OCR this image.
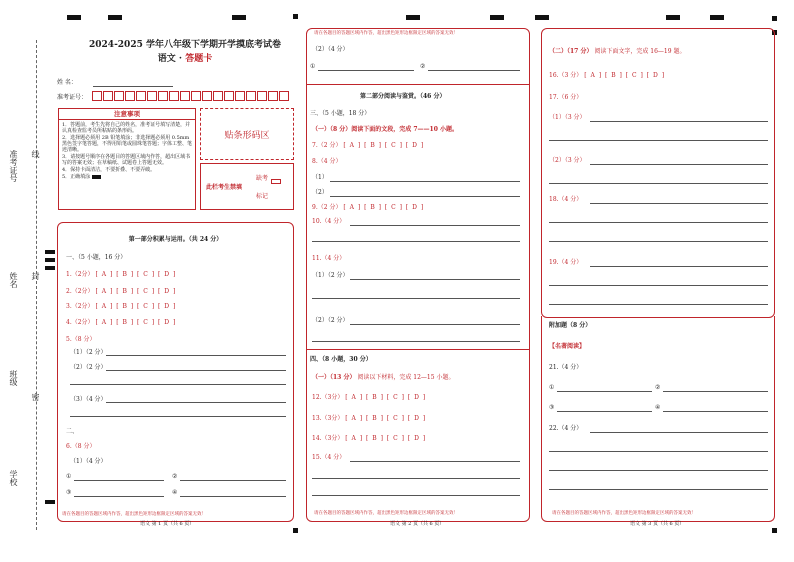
准考证号 线
姓名 封
班级
密
学校
2024-2025 学年八年级下学期开学摸底考试卷
语文 · 答题卡
姓 名：
准考证号：
注意事项
1．答题前，考生先将自己的姓名，准考证号填写清楚，并认真检查监考员所粘贴的条形码。
2．选择题必须用 2B 铅笔填涂；非选择题必须用 0.5mm 黑色签字笔答题，不得用铅笔或圆珠笔答题；字体工整、笔迹清晰。
3．请按题号顺序在各题目的答题区域内作答，超出区域书写的答案无效；在草稿纸、试题卷上答题无效。
4．保持卡面清洁，不要折叠、不要弄破。
5．正确填涂
贴条形码区
此栏考生禁填
缺考
标记
第一部分积累与运用。（共 24 分）
一、（5 小题，16 分）
1.（2分） [ A ] [ B ] [ C ] [ D ]
2.（2分） [ A ] [ B ] [ C ] [ D ]
3.（2分） [ A ] [ B ] [ C ] [ D ]
4.（2分） [ A ] [ B ] [ C ] [ D ]
5.（8 分）
（1）（2 分）
（2）（2 分）
（3）（4 分）
二、
6.（8 分）
（1）（4 分）
①	②
③	④
请在各题目的答题区域内作答，超出黑色矩形边框限定区域的答案无效！
语文 第 1 页（共 6 页）
请在各题目的答题区域内作答，超出黑色矩形边框限定区域的答案无效！
（2）（4 分）
①	②
第二部分阅读与鉴赏。（46 分）
三、（5 小题，18 分）
（一）（8 分）阅读下面的文段，完成 7——10 小题。
7.（2 分） [ A ] [ B ] [ C ] [ D ]
8.（4 分）
（1）
（2）
9.（2 分） [ A ] [ B ] [ C ] [ D ]
10.（4 分）
11.（4 分）
（1）（2 分）
（2）（2 分）
四、（8 小题，30 分）
（一）（13 分） 阅读以下材料，完成 12—15 小题。
12.（3分） [ A ] [ B ] [ C ] [ D ]
13.（3分） [ A ] [ B ] [ C ] [ D ]
14.（3分） [ A ] [ B ] [ C ] [ D ]
15.（4 分）
请在各题目的答题区域内作答，超出黑色矩形边框限定区域的答案无效！
语文 第 2 页（共 6 页）
（二）（17 分） 阅读下面文字，完成 16—19 题。
16.（3 分） [ A ] [ B ] [ C ] [ D ]
17.（6 分）
（1）（3 分）
（2）（3 分）
18.（4 分）
19.（4 分）
附加题（8 分）
【名著阅读】
21.（4 分）
①	②
③	④
22.（4 分）
请在各题目的答题区域内作答，超出黑色矩形边框限定区域的答案无效！
语文 第 3 页（共 6 页）
